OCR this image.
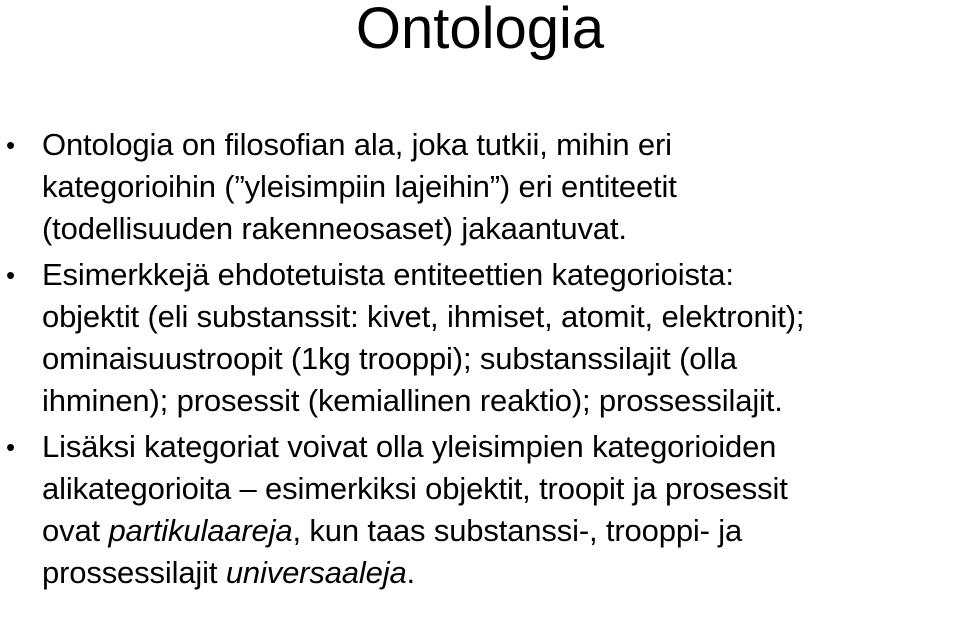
Ontologia
• Ontologia on filosofian ala, joka tutkii, mihin eri
kategorioihin (”yleisimpiin lajeihin”) eri entiteetit
(todellisuuden rakenneosaset) jakaantuvat.
• Esimerkkejä ehdotetuista entiteettien kategorioista:
objektit (eli substanssit: kivet, ihmiset, atomit, elektronit);
ominaisuustroopit (1kg trooppi); substanssilajit (olla
ihminen); prosessit (kemiallinen reaktio); prossessilajit.
• Lisäksi kategoriat voivat olla yleisimpien kategorioiden
alikategorioita – esimerkiksi objektit, troopit ja prosessit
ovat partikulaareja, kun taas substanssi-, trooppi- ja
prossessilajit universaaleja.
